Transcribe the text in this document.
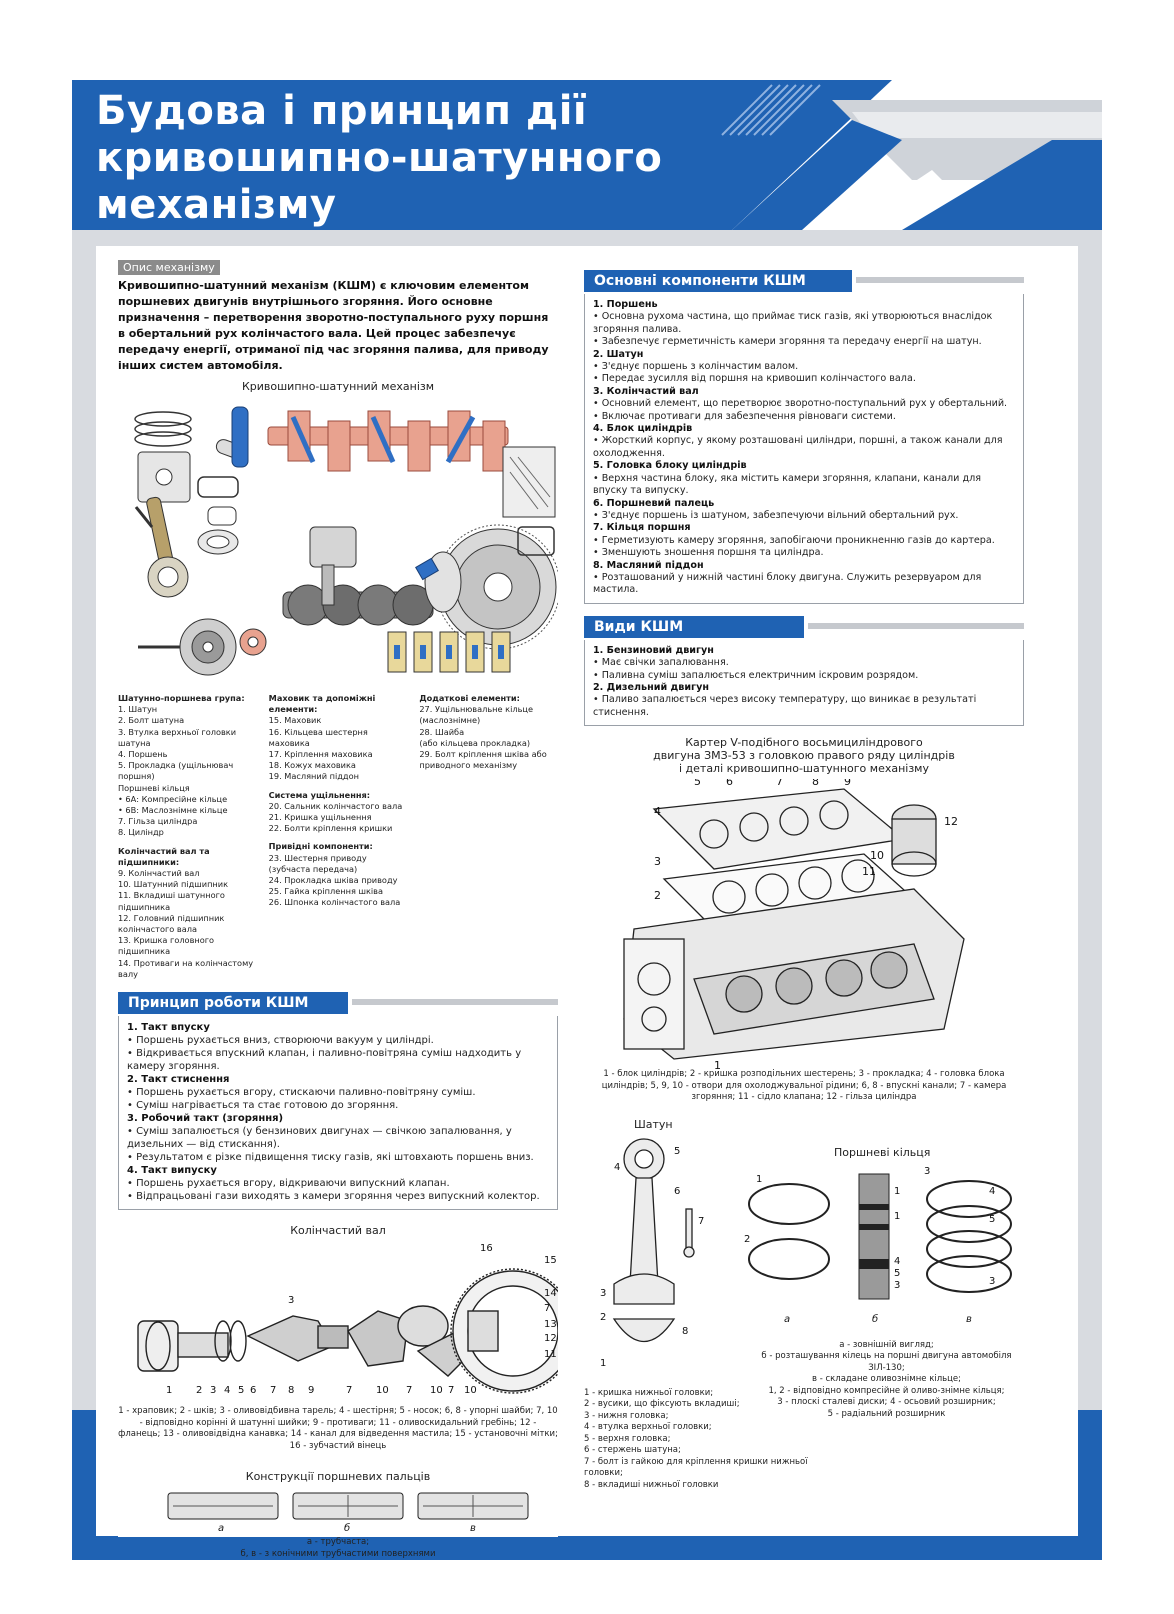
Будова і принцип дії
кривошипно-шатунного
механізму
Опис механізму
Кривошипно-шатунний механізм (КШМ) є ключовим елементом поршневих двигунів внутрішнього згоряння. Його основне призначення – перетворення зворотно-поступального руху поршня в обертальний рух колінчастого вала. Цей процес забезпечує передачу енергії, отриманої під час згоряння палива, для приводу інших систем автомобіля.
Кривошипно-шатунний механізм
Шатунно-поршнева група:
1. Шатун
2. Болт шатуна
3. Втулка верхньої головки шатуна
4. Поршень
5. Прокладка (ущільнювач поршня)
Поршневі кільця
• 6А: Компресійне кільце
• 6В: Маслознімне кільце
7. Гільза циліндра
8. Циліндр
Колінчастий вал та підшипники:
9. Колінчастий вал
10. Шатунний підшипник
11. Вкладиші шатунного підшипника
12. Головний підшипник колінчастого вала
13. Кришка головного підшипника
14. Противаги на колінчастому валу
Маховик та допоміжні елементи:
15. Маховик
16. Кільцева шестерня маховика
17. Кріплення маховика
18. Кожух маховика
19. Масляний піддон
Система ущільнення:
20. Сальник колінчастого вала
21. Кришка ущільнення
22. Болти кріплення кришки
Привідні компоненти:
23. Шестерня приводу (зубчаста передача)
24. Прокладка шківа приводу
25. Гайка кріплення шківа
26. Шпонка колінчастого вала
Додаткові елементи:
27. Ущільнювальне кільце (маслознімне)
28. Шайба
(або кільцева прокладка)
29. Болт кріплення шківа або приводного механізму
Принцип роботи КШМ
1. Такт впуску
• Поршень рухається вниз, створюючи вакуум у циліндрі.
• Відкривається впускний клапан, і паливно-повітряна суміш надходить у камеру згоряння.
2. Такт стиснення
• Поршень рухається вгору, стискаючи паливно-повітряну суміш.
• Суміш нагрівається та стає готовою до згоряння.
3. Робочий такт (згоряння)
• Суміш запалюється (у бензинових двигунах — свічкою запалювання, у дизельних — від стискання).
• Результатом є різке підвищення тиску газів, які штовхають поршень вниз.
4. Такт випуску
• Поршень рухається вгору, відкриваючи випускний клапан.
• Відпрацьовані гази виходять з камери згоряння через випускний колектор.
Колінчастий вал
1 2 3 4 5 6 7 8 9	7 10 7 10 7 10
3
16
15
14
7
13
12
11
1 - храповик; 2 - шків; 3 - оливовідбивна тарель; 4 - шестірня; 5 - носок; 6, 8 - упорні шайби; 7, 10 - відповідно корінні й шатунні шийки; 9 - противаги; 11 - оливоскидальний гребінь; 12 - фланець; 13 - оливовідвідна канавка; 14 - канал для відведення мастила; 15 - установочні мітки; 16 - зубчастий вінець
Конструкції поршневих пальців
а	б	в
а - трубчаста;
б, в - з конічними трубчастими поверхнями
Основні компоненти КШМ
1. Поршень
• Основна рухома частина, що приймає тиск газів, які утворюються внаслідок згоряння палива.
• Забезпечує герметичність камери згоряння та передачу енергії на шатун.
2. Шатун
• З'єднує поршень з колінчастим валом.
• Передає зусилля від поршня на кривошип колінчастого вала.
3. Колінчастий вал
• Основний елемент, що перетворює зворотно-поступальний рух у обертальний.
• Включає противаги для забезпечення рівноваги системи.
4. Блок циліндрів
• Жорсткий корпус, у якому розташовані циліндри, поршні, а також канали для охолодження.
5. Головка блоку циліндрів
• Верхня частина блоку, яка містить камери згоряння, клапани, канали для впуску та випуску.
6. Поршневий палець
• З'єднує поршень із шатуном, забезпечуючи вільний обертальний рух.
7. Кільця поршня
• Герметизують камеру згоряння, запобігаючи проникненню газів до картера.
• Зменшують зношення поршня та циліндра.
8. Масляний піддон
• Розташований у нижній частині блоку двигуна. Служить резервуаром для мастила.
Види КШМ
1. Бензиновий двигун
• Має свічки запалювання.
• Паливна суміш запалюється електричним іскровим розрядом.
2. Дизельний двигун
• Паливо запалюється через високу температуру, що виникає в результаті стиснення.
Картер V-подібного восьмициліндрового
двигуна ЗМЗ-53 з головкою правого ряду циліндрів
і деталі кривошипно-шатунного механізму
5 6	7	8 9
4
3
2
12
10
11
1
1 - блок циліндрів; 2 - кришка розподільних шестерень; 3 - прокладка; 4 - головка блока циліндрів; 5, 9, 10 - отвори для охолоджувальної рідини; 6, 8 - впускні канали; 7 - камера згоряння; 11 - сідло клапана; 12 - гільза циліндра
Шатун
4
5
6
7
3
2
8
1
Поршневі кільця
1
2
1
1
4
5
3
3
4
5
3
а	б	в
а - зовнішній вигляд;
б - розташування кілець на поршні двигуна автомобіля ЗІЛ-130;
в - складане оливознімне кільце;
1, 2 - відповідно компресійне й оливо-знімне кільця;
3 - плоскі сталеві диски; 4 - осьовий розширник;
5 - радіальний розширник
1 - кришка нижньої головки;
2 - вусики, що фіксують вкладиші;
3 - нижня головка;
4 - втулка верхньої головки;
5 - верхня головка;
6 - стержень шатуна;
7 - болт із гайкою для кріплення кришки нижньої головки;
8 - вкладиші нижньої головки
